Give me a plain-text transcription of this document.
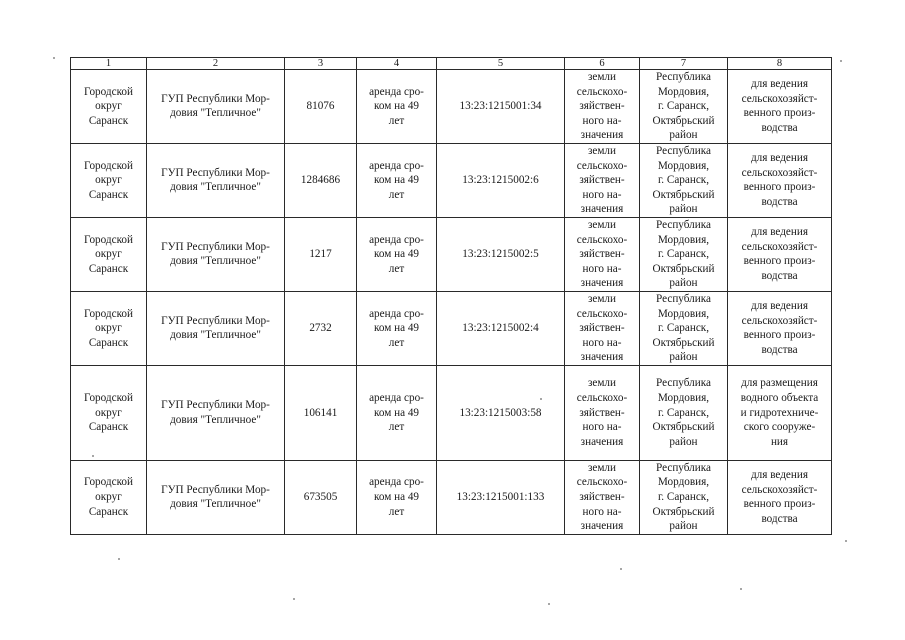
1	2	3	4	5	6	7	8

Городской
округ
Саранск	ГУП Республики Мор-
довия "Тепличное"	81076	аренда сро-
ком на 49
лет	13:23:1215001:34	земли
сельскохо-
зяйствен-
ного на-
значения	Республика
Мордовия,
г. Саранск,
Октябрьский
район	для ведения
сельскохозяйст-
венного произ-
водства

Городской
округ
Саранск	ГУП Республики Мор-
довия "Тепличное"	1284686	аренда сро-
ком на 49
лет	13:23:1215002:6	земли
сельскохо-
зяйствен-
ного на-
значения	Республика
Мордовия,
г. Саранск,
Октябрьский
район	для ведения
сельскохозяйст-
венного произ-
водства

Городской
округ
Саранск	ГУП Республики Мор-
довия "Тепличное"	1217	аренда сро-
ком на 49
лет	13:23:1215002:5	земли
сельскохо-
зяйствен-
ного на-
значения	Республика
Мордовия,
г. Саранск,
Октябрьский
район	для ведения
сельскохозяйст-
венного произ-
водства

Городской
округ
Саранск	ГУП Республики Мор-
довия "Тепличное"	2732	аренда сро-
ком на 49
лет	13:23:1215002:4	земли
сельскохо-
зяйствен-
ного на-
значения	Республика
Мордовия,
г. Саранск,
Октябрьский
район	для ведения
сельскохозяйст-
венного произ-
водства

Городской
округ
Саранск	ГУП Республики Мор-
довия "Тепличное"	106141	аренда сро-
ком на 49
лет	13:23:1215003:58	земли
сельскохо-
зяйствен-
ного на-
значения	Республика
Мордовия,
г. Саранск,
Октябрьский
район	для размещения
водного объекта
и гидротехниче-
ского сооруже-
ния

Городской
округ
Саранск	ГУП Республики Мор-
довия "Тепличное"	673505	аренда сро-
ком на 49
лет	13:23:1215001:133	земли
сельскохо-
зяйствен-
ного на-
значения	Республика
Мордовия,
г. Саранск,
Октябрьский
район	для ведения
сельскохозяйст-
венного произ-
водства
